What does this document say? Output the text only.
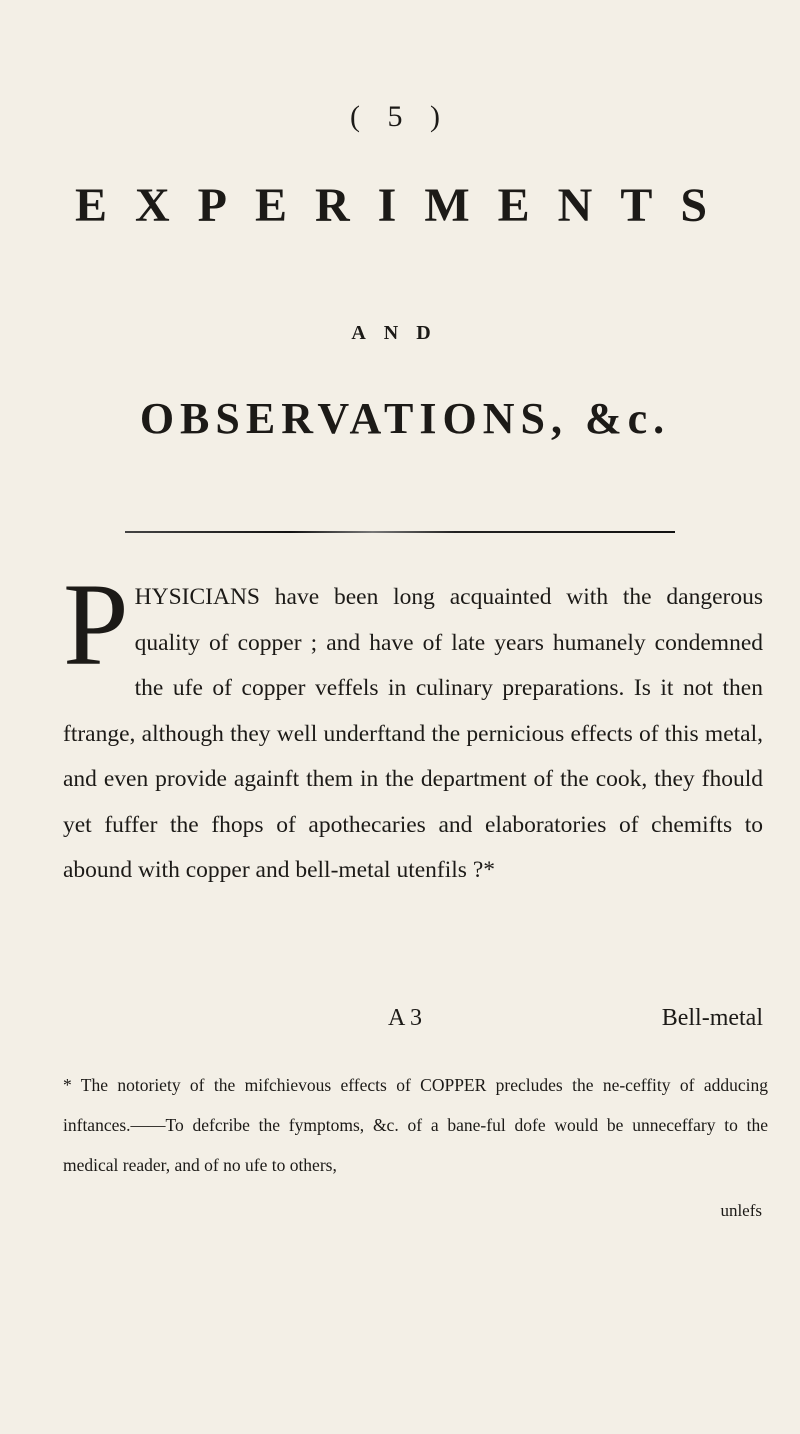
( 5 )
EXPERIMENTS
AND
OBSERVATIONS, &c.
P HYSICIANS have been long acquainted with the dangerous quality of copper ; and have of late years humanely condemned the ufe of copper veffels in culinary preparations. Is it not then ftrange, although they well underftand the pernicious effects of this metal, and even provide againft them in the department of the cook, they fhould yet fuffer the fhops of apothecaries and elaboratories of chemifts to abound with copper and bell-metal utenfils ?*
A 3	Bell-metal
* The notoriety of the mifchievous effects of COPPER precludes the ne-ceffity of adducing inftances.——To defcribe the fymptoms, &c. of a bane-ful dofe would be unneceffary to the medical reader, and of no ufe to others,
unlefs
